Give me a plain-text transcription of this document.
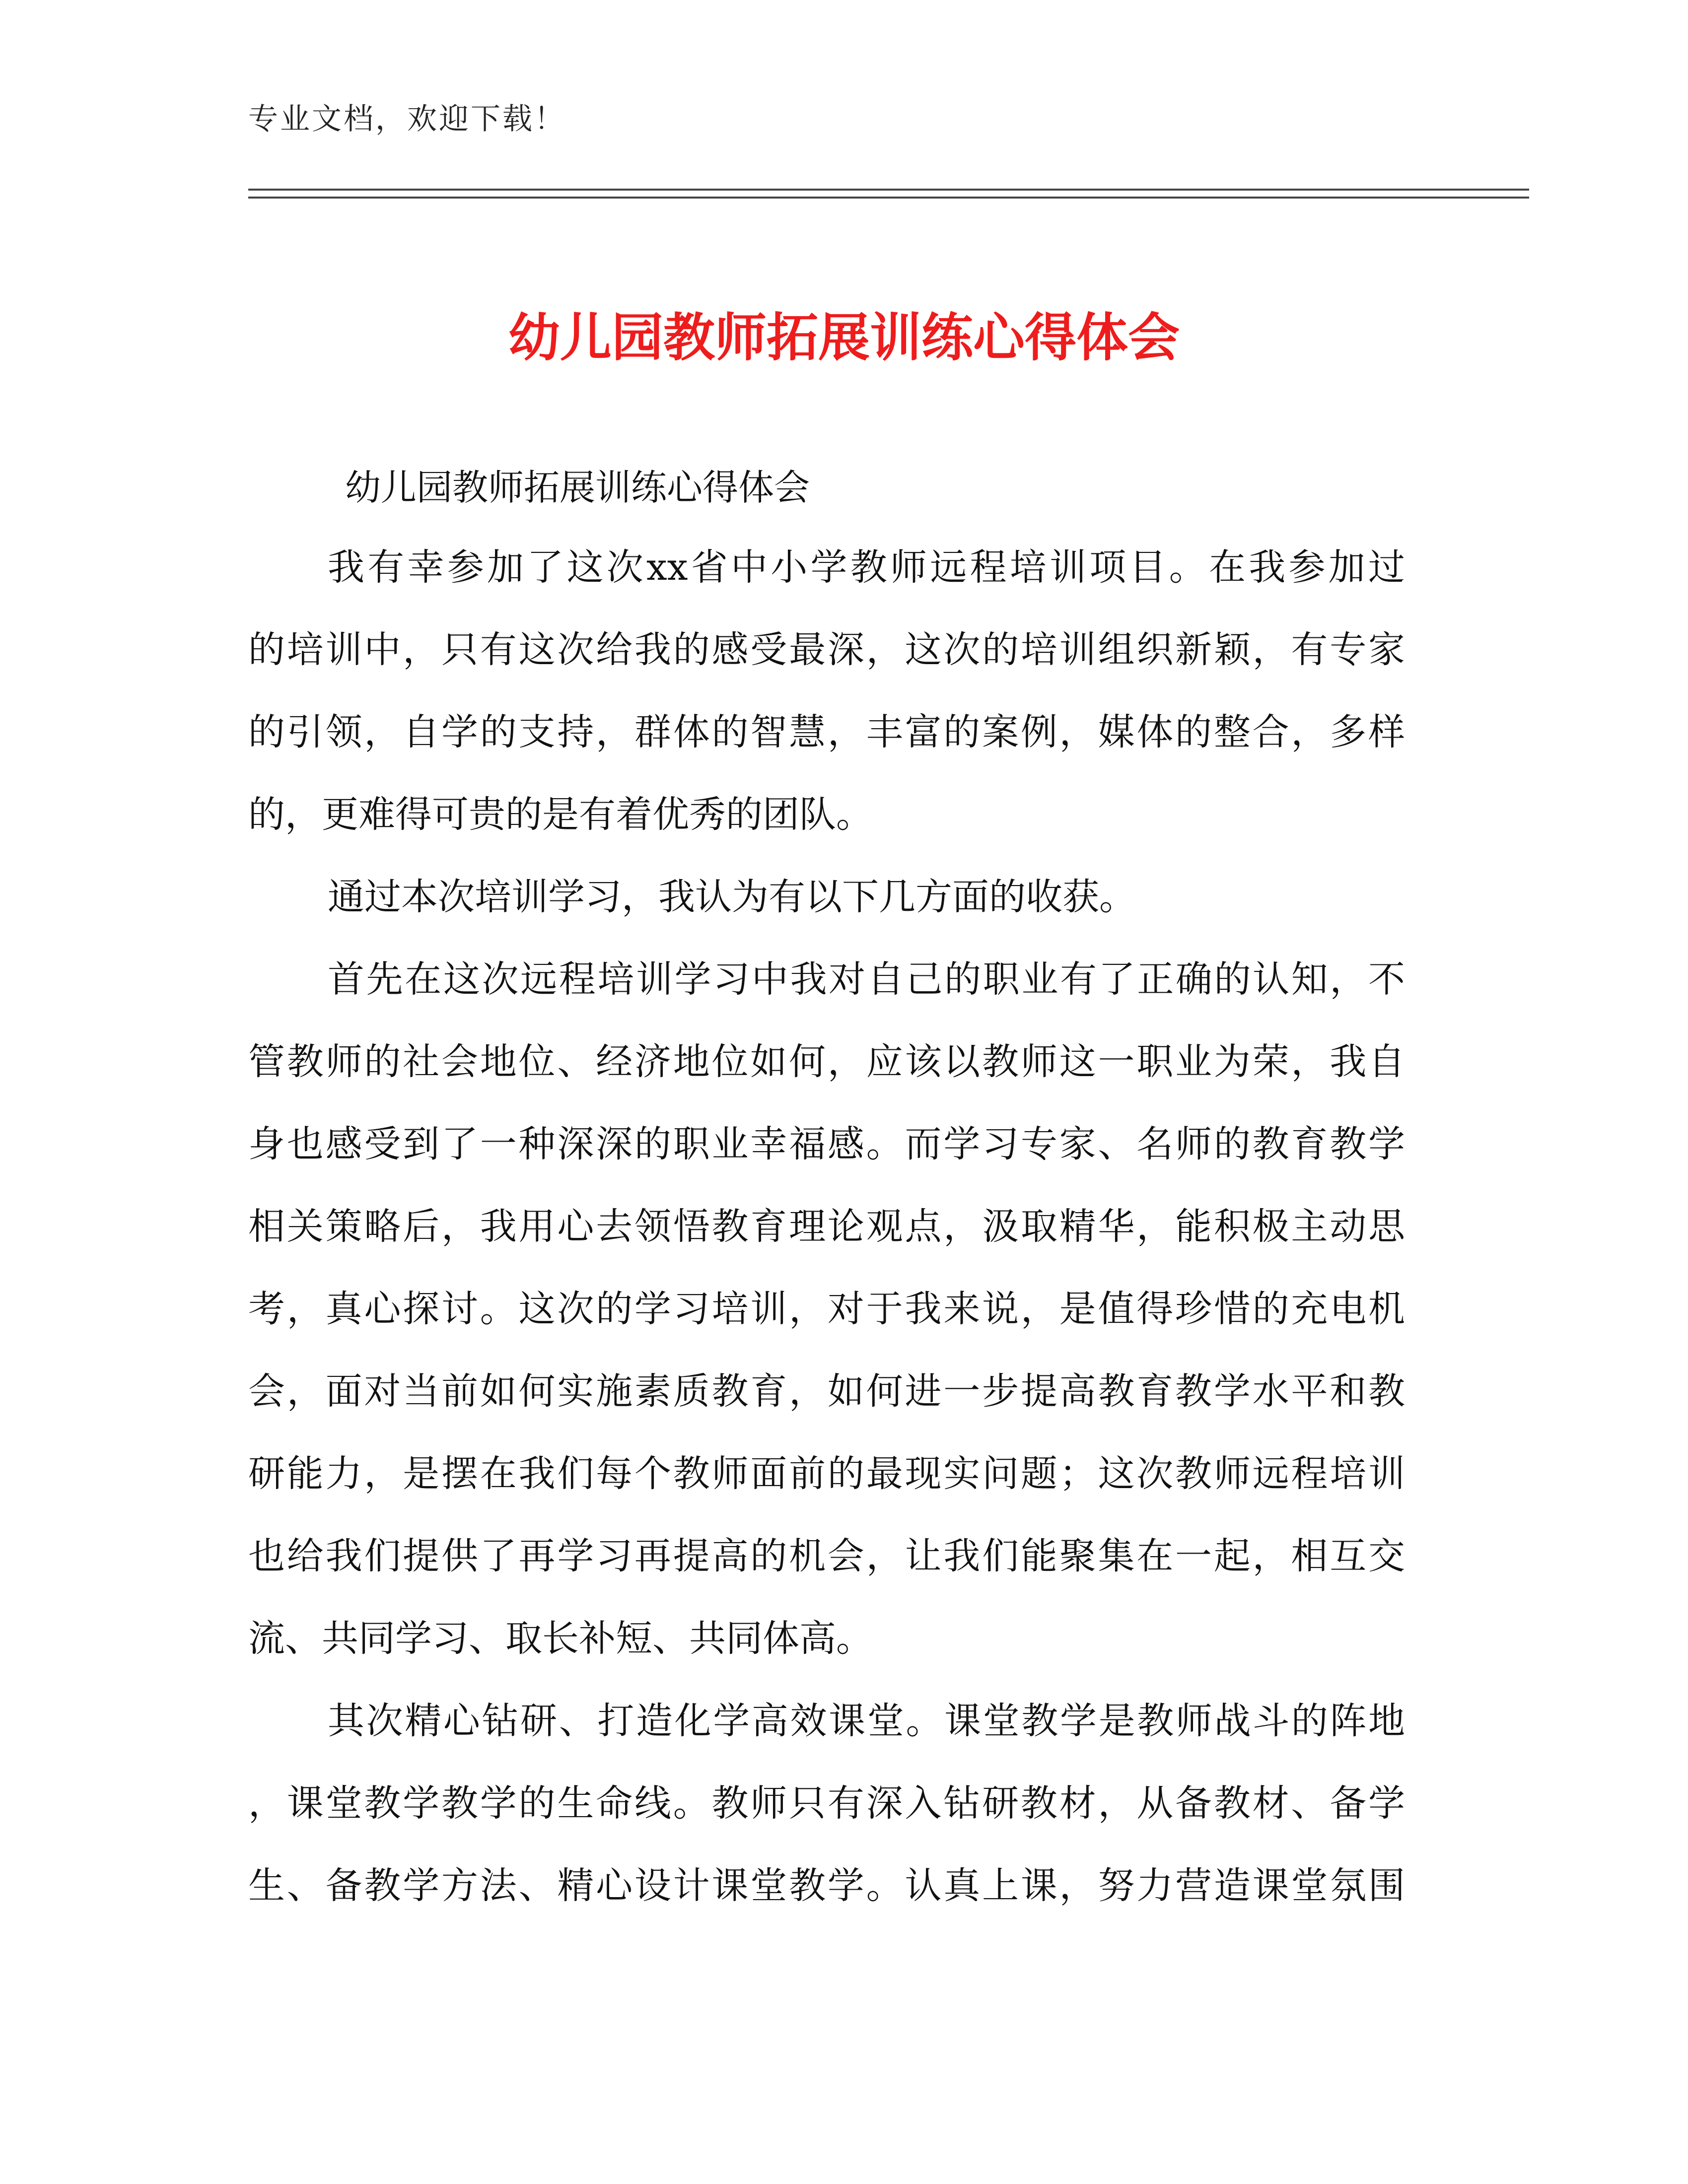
专业文档，欢迎下载！
幼儿园教师拓展训练心得体会
幼儿园教师拓展训练心得体会
我有幸参加了这次xx省中小学教师远程培训项目。在我参加过
的培训中，只有这次给我的感受最深，这次的培训组织新颖，有专家
的引领，自学的支持，群体的智慧，丰富的案例，媒体的整合，多样
的，更难得可贵的是有着优秀的团队。
通过本次培训学习，我认为有以下几方面的收获。
首先在这次远程培训学习中我对自己的职业有了正确的认知，不
管教师的社会地位、经济地位如何，应该以教师这一职业为荣，我自
身也感受到了一种深深的职业幸福感。而学习专家、名师的教育教学
相关策略后，我用心去领悟教育理论观点，汲取精华，能积极主动思
考，真心探讨。这次的学习培训，对于我来说，是值得珍惜的充电机
会，面对当前如何实施素质教育，如何进一步提高教育教学水平和教
研能力，是摆在我们每个教师面前的最现实问题；这次教师远程培训
也给我们提供了再学习再提高的机会，让我们能聚集在一起，相互交
流、共同学习、取长补短、共同体高。
其次精心钻研、打造化学高效课堂。课堂教学是教师战斗的阵地
，课堂教学教学的生命线。教师只有深入钻研教材，从备教材、备学
生、备教学方法、精心设计课堂教学。认真上课，努力营造课堂氛围
